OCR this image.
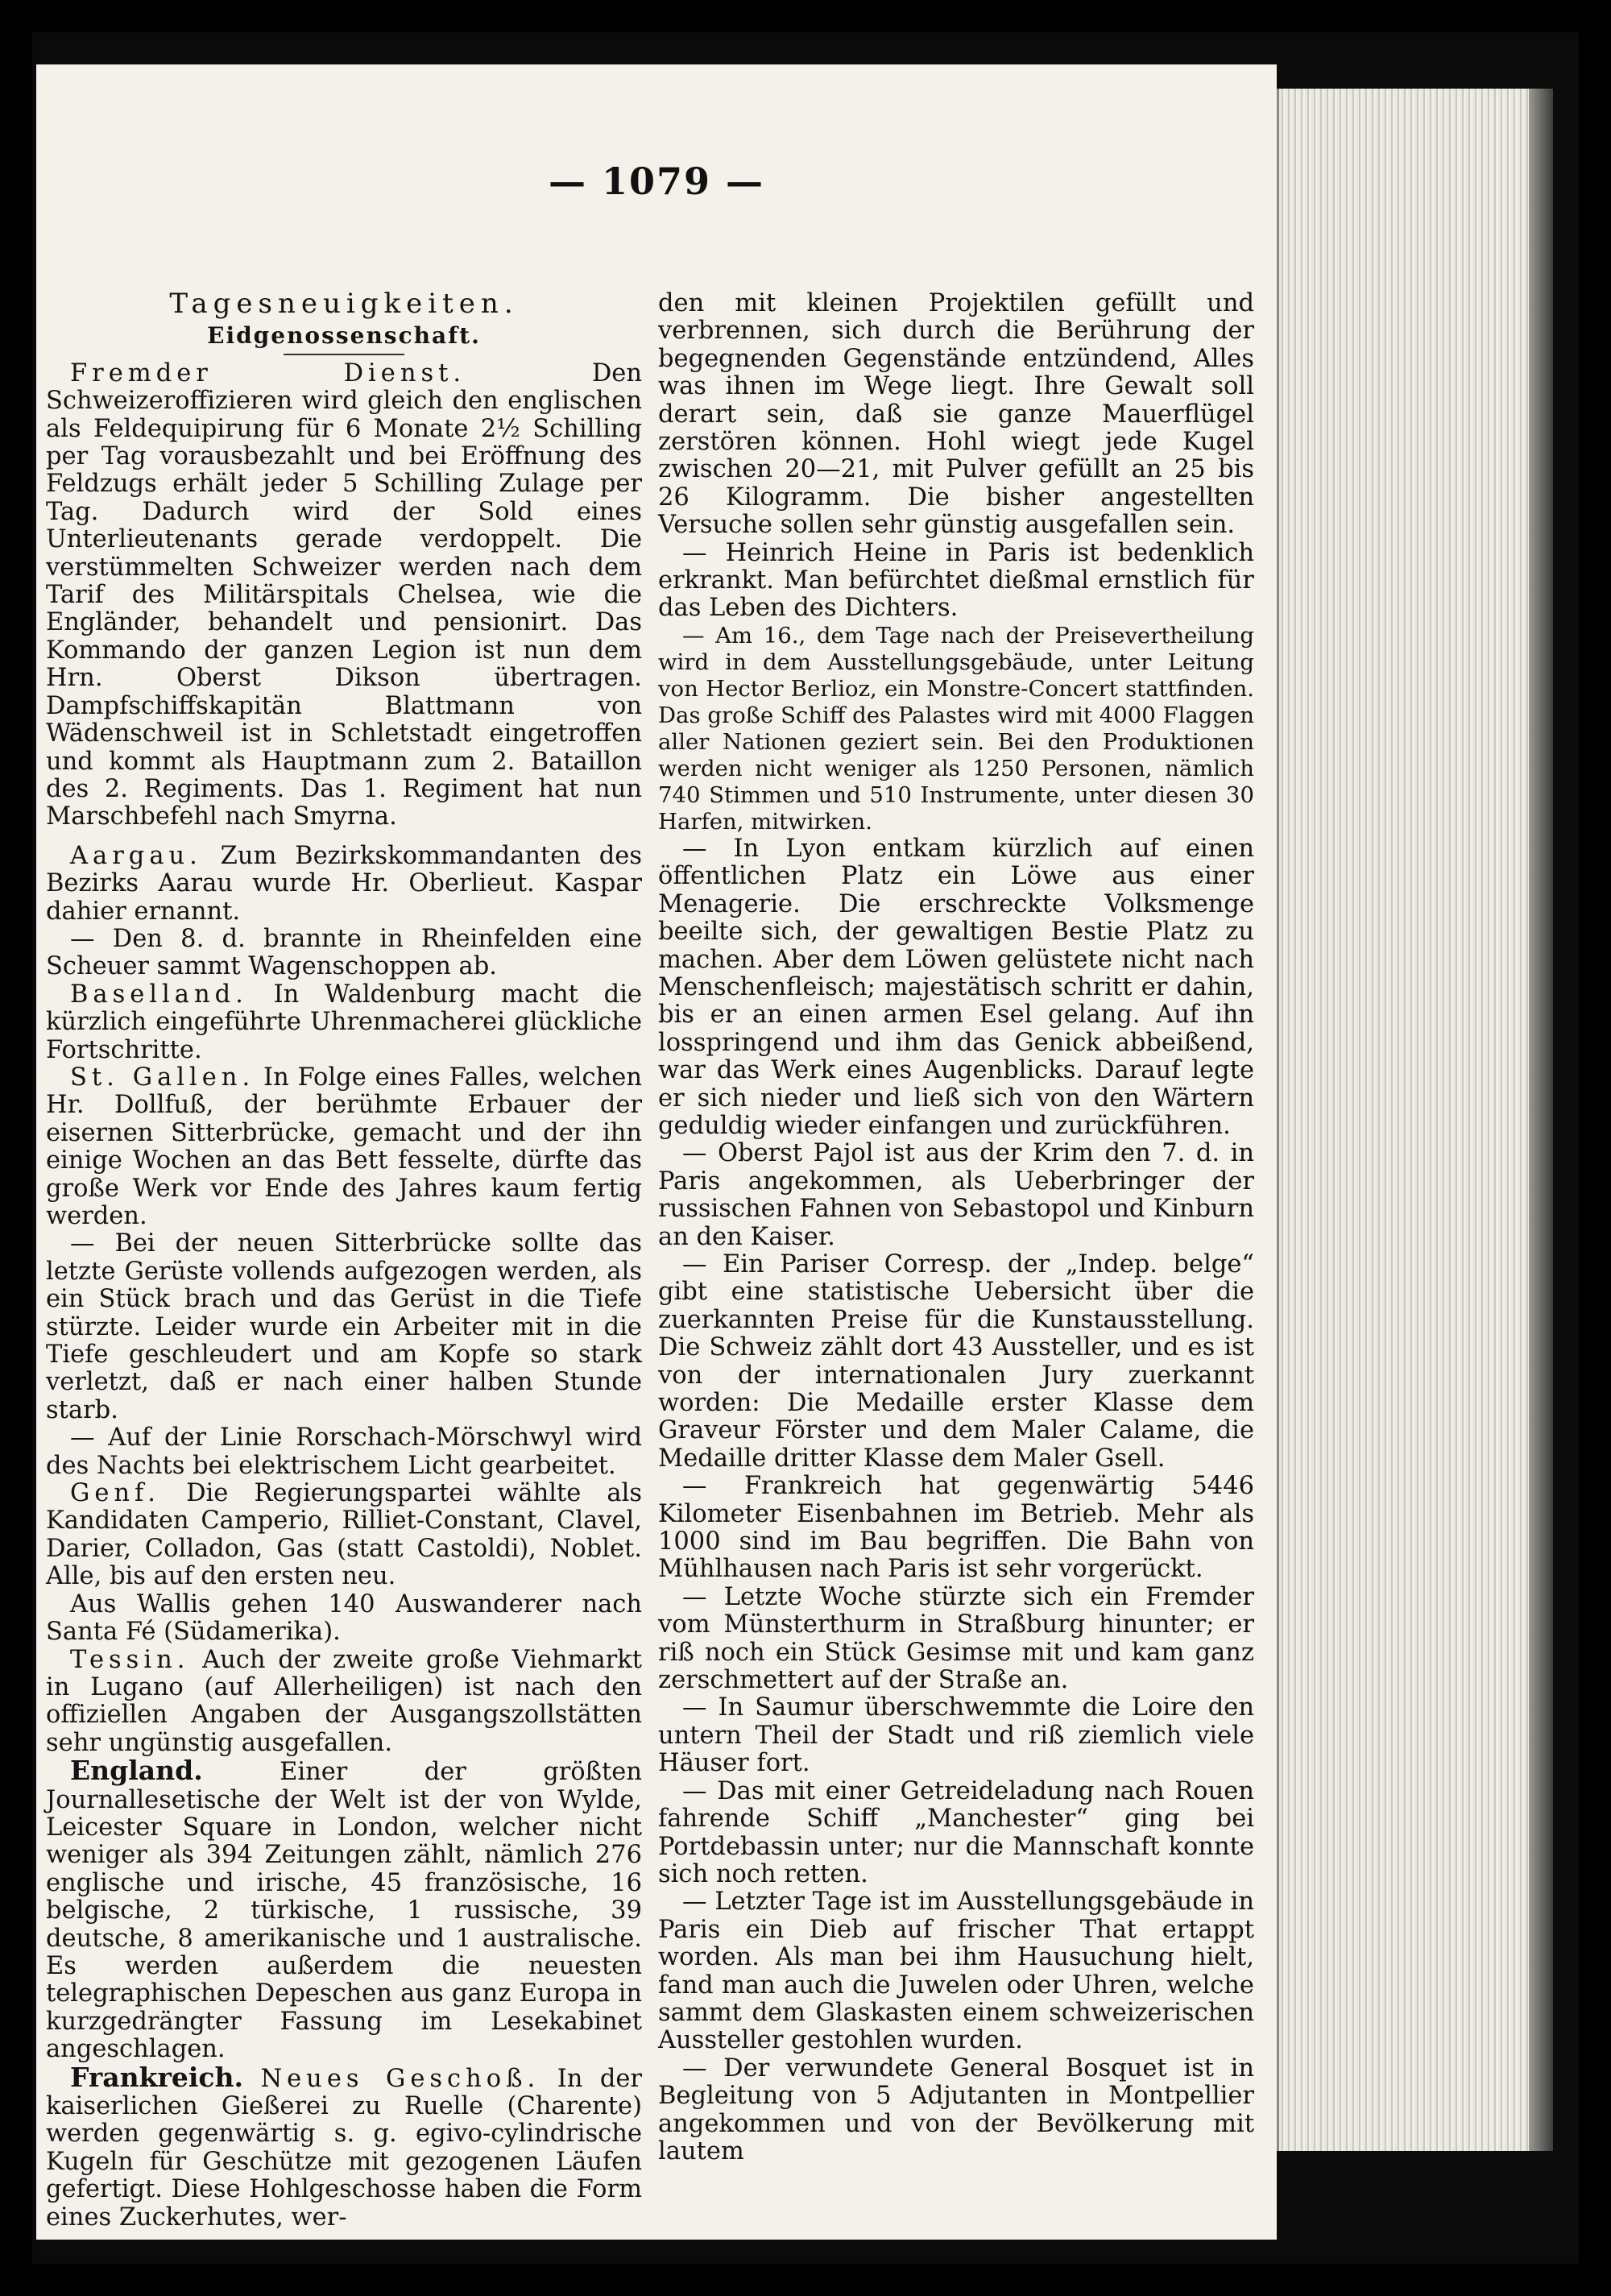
— 1079 —
Tagesneuigkeiten.
Eidgenossenschaft.

Fremder Dienst.	Den Schweizeroffizieren wird gleich den englischen als Feldequipirung für 6 Monate 2½ Schilling per Tag vorausbezahlt und bei Eröffnung des Feldzugs erhält jeder 5 Schilling Zulage per Tag. Dadurch wird der Sold eines Unterlieutenants gerade verdoppelt. Die verstümmelten Schweizer werden nach dem Tarif des Militärspitals Chelsea, wie die Engländer, behandelt und pensionirt. Das Kommando der ganzen Legion ist nun dem Hrn. Oberst Dikson übertragen. Dampfschiffskapitän Blattmann von Wädenschweil ist in Schletstadt eingetroffen und kommt als Hauptmann zum 2. Bataillon des 2. Regiments. Das 1. Regiment hat nun Marschbefehl nach Smyrna.

Aargau. Zum Bezirkskommandanten des Bezirks Aarau wurde Hr. Oberlieut. Kaspar dahier ernannt.

— Den 8. d. brannte in Rheinfelden eine Scheuer sammt Wagenschoppen ab.

Baselland. In Waldenburg macht die kürzlich eingeführte Uhrenmacherei glückliche Fortschritte.

St. Gallen. In Folge eines Falles, welchen Hr. Dollfuß, der berühmte Erbauer der eisernen Sitterbrücke, gemacht und der ihn einige Wochen an das Bett fesselte, dürfte das große Werk vor Ende des Jahres kaum fertig werden.

— Bei der neuen Sitterbrücke sollte das letzte Gerüste vollends aufgezogen werden, als ein Stück brach und das Gerüst in die Tiefe stürzte. Leider wurde ein Arbeiter mit in die Tiefe geschleudert und am Kopfe so stark verletzt, daß er nach einer halben Stunde starb.

— Auf der Linie Rorschach-Mörschwyl wird des Nachts bei elektrischem Licht gearbeitet.

Genf. Die Regierungspartei wählte als Kandidaten Camperio, Rilliet-Constant, Clavel, Darier, Colladon, Gas (statt Castoldi), Noblet. Alle, bis auf den ersten neu.

Aus Wallis gehen 140 Auswanderer nach Santa Fé (Südamerika).

Tessin. Auch der zweite große Viehmarkt in Lugano (auf Allerheiligen) ist nach den offiziellen Angaben der Ausgangszollstätten sehr ungünstig ausgefallen.

England.	Einer der größten Journallesetische der Welt ist der von Wylde, Leicester Square in London, welcher nicht weniger als 394 Zeitungen zählt, nämlich 276 englische und irische, 45 französische, 16 belgische, 2 türkische, 1 russische, 39 deutsche, 8 amerikanische und 1 australische. Es werden außerdem die neuesten telegraphischen Depeschen aus ganz Europa in kurzgedrängter Fassung im Lesekabinet angeschlagen.

Frankreich. Neues Geschoß. In der kaiserlichen Gießerei zu Ruelle (Charente) werden gegenwärtig s. g. egivo-cylindrische Kugeln für Geschütze mit gezogenen Läufen gefertigt. Diese Hohlgeschosse haben die Form eines Zuckerhutes, wer-

den mit kleinen Projektilen gefüllt und verbrennen, sich durch die Berührung der begegnenden Gegenstände entzündend, Alles was ihnen im Wege liegt. Ihre Gewalt soll derart sein, daß sie ganze Mauerflügel zerstören können. Hohl wiegt jede Kugel zwischen 20—21, mit Pulver gefüllt an 25 bis 26 Kilogramm. Die bisher angestellten Versuche sollen sehr günstig ausgefallen sein.

— Heinrich Heine in Paris ist bedenklich erkrankt. Man befürchtet dießmal ernstlich für das Leben des Dichters.

— Am 16., dem Tage nach der Preisevertheilung wird in dem Ausstellungsgebäude, unter Leitung von Hector Berlioz, ein Monstre-Concert stattfinden. Das große Schiff des Palastes wird mit 4000 Flaggen aller Nationen geziert sein. Bei den Produktionen werden nicht weniger als 1250 Personen, nämlich 740 Stimmen und 510 Instrumente, unter diesen 30 Harfen, mitwirken.

— In Lyon entkam kürzlich auf einen öffentlichen Platz ein Löwe aus einer Menagerie. Die erschreckte Volksmenge beeilte sich, der gewaltigen Bestie Platz zu machen. Aber dem Löwen gelüstete nicht nach Menschenfleisch; majestätisch schritt er dahin, bis er an einen armen Esel gelang. Auf ihn losspringend und ihm das Genick abbeißend, war das Werk eines Augenblicks. Darauf legte er sich nieder und ließ sich von den Wärtern geduldig wieder einfangen und zurückführen.

— Oberst Pajol ist aus der Krim den 7. d. in Paris angekommen, als Ueberbringer der russischen Fahnen von Sebastopol und Kinburn an den Kaiser.

— Ein Pariser Corresp. der „Indep. belge“ gibt eine statistische Uebersicht über die zuerkannten Preise für die Kunstausstellung. Die Schweiz zählt dort 43 Aussteller, und es ist von der internationalen Jury zuerkannt worden: Die Medaille erster Klasse dem Graveur Förster und dem Maler Calame, die Medaille dritter Klasse dem Maler Gsell.

— Frankreich hat gegenwärtig 5446 Kilometer Eisenbahnen im Betrieb. Mehr als 1000 sind im Bau begriffen. Die Bahn von Mühlhausen nach Paris ist sehr vorgerückt.

— Letzte Woche stürzte sich ein Fremder vom Münsterthurm in Straßburg hinunter; er riß noch ein Stück Gesimse mit und kam ganz zerschmettert auf der Straße an.

— In Saumur überschwemmte die Loire den untern Theil der Stadt und riß ziemlich viele Häuser fort.

— Das mit einer Getreideladung nach Rouen fahrende Schiff „Manchester“ ging bei Portdebassin unter; nur die Mannschaft konnte sich noch retten.

— Letzter Tage ist im Ausstellungsgebäude in Paris ein Dieb auf frischer That ertappt worden. Als man bei ihm Hausuchung hielt, fand man auch die Juwelen oder Uhren, welche sammt dem Glaskasten einem schweizerischen Aussteller gestohlen wurden.

— Der verwundete General Bosquet ist in Begleitung von 5 Adjutanten in Montpellier angekommen und von der Bevölkerung mit lautem
